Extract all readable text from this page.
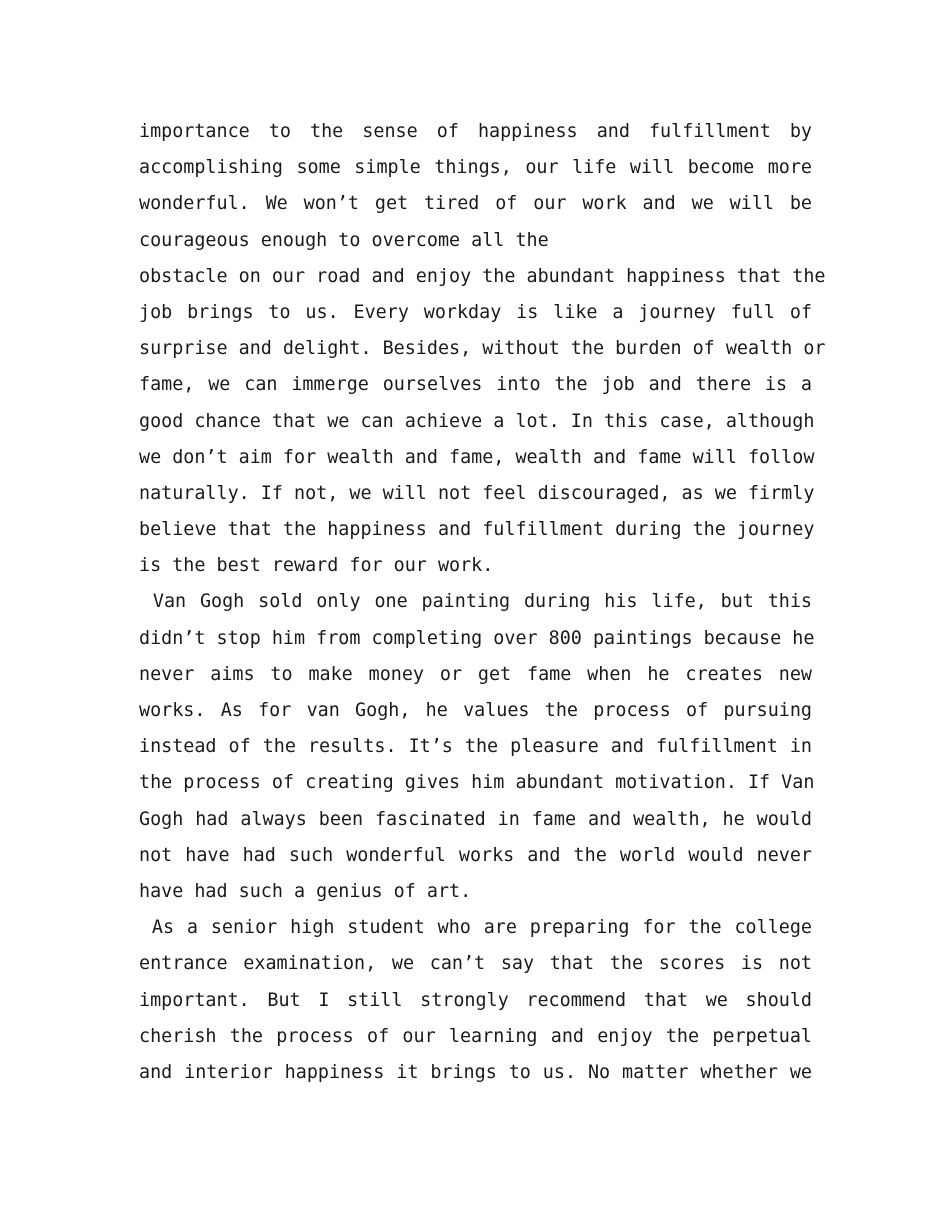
importance to the sense of happiness and fulfillment by
accomplishing some simple things, our life will become more
wonderful. We won’t get tired of our work and we will be
courageous enough to overcome all the
obstacle on our road and enjoy the abundant happiness that the
job brings to us. Every workday is like a journey full of
surprise and delight. Besides, without the burden of wealth or
fame, we can immerge ourselves into the job and there is a
good chance that we can achieve a lot. In this case, although
we don’t aim for wealth and fame, wealth and fame will follow
naturally. If not, we will not feel discouraged, as we firmly
believe that the happiness and fulfillment during the journey
is the best reward for our work.
Van Gogh sold only one painting during his life, but this
didn’t stop him from completing over 800 paintings because he
never aims to make money or get fame when he creates new
works. As for van Gogh, he values the process of pursuing
instead of the results. It’s the pleasure and fulfillment in
the process of creating gives him abundant motivation. If Van
Gogh had always been fascinated in fame and wealth, he would
not have had such wonderful works and the world would never
have had such a genius of art.
As a senior high student who are preparing for the college
entrance examination, we can’t say that the scores is not
important. But I still strongly recommend that we should
cherish the process of our learning and enjoy the perpetual
and interior happiness it brings to us. No matter whether we
